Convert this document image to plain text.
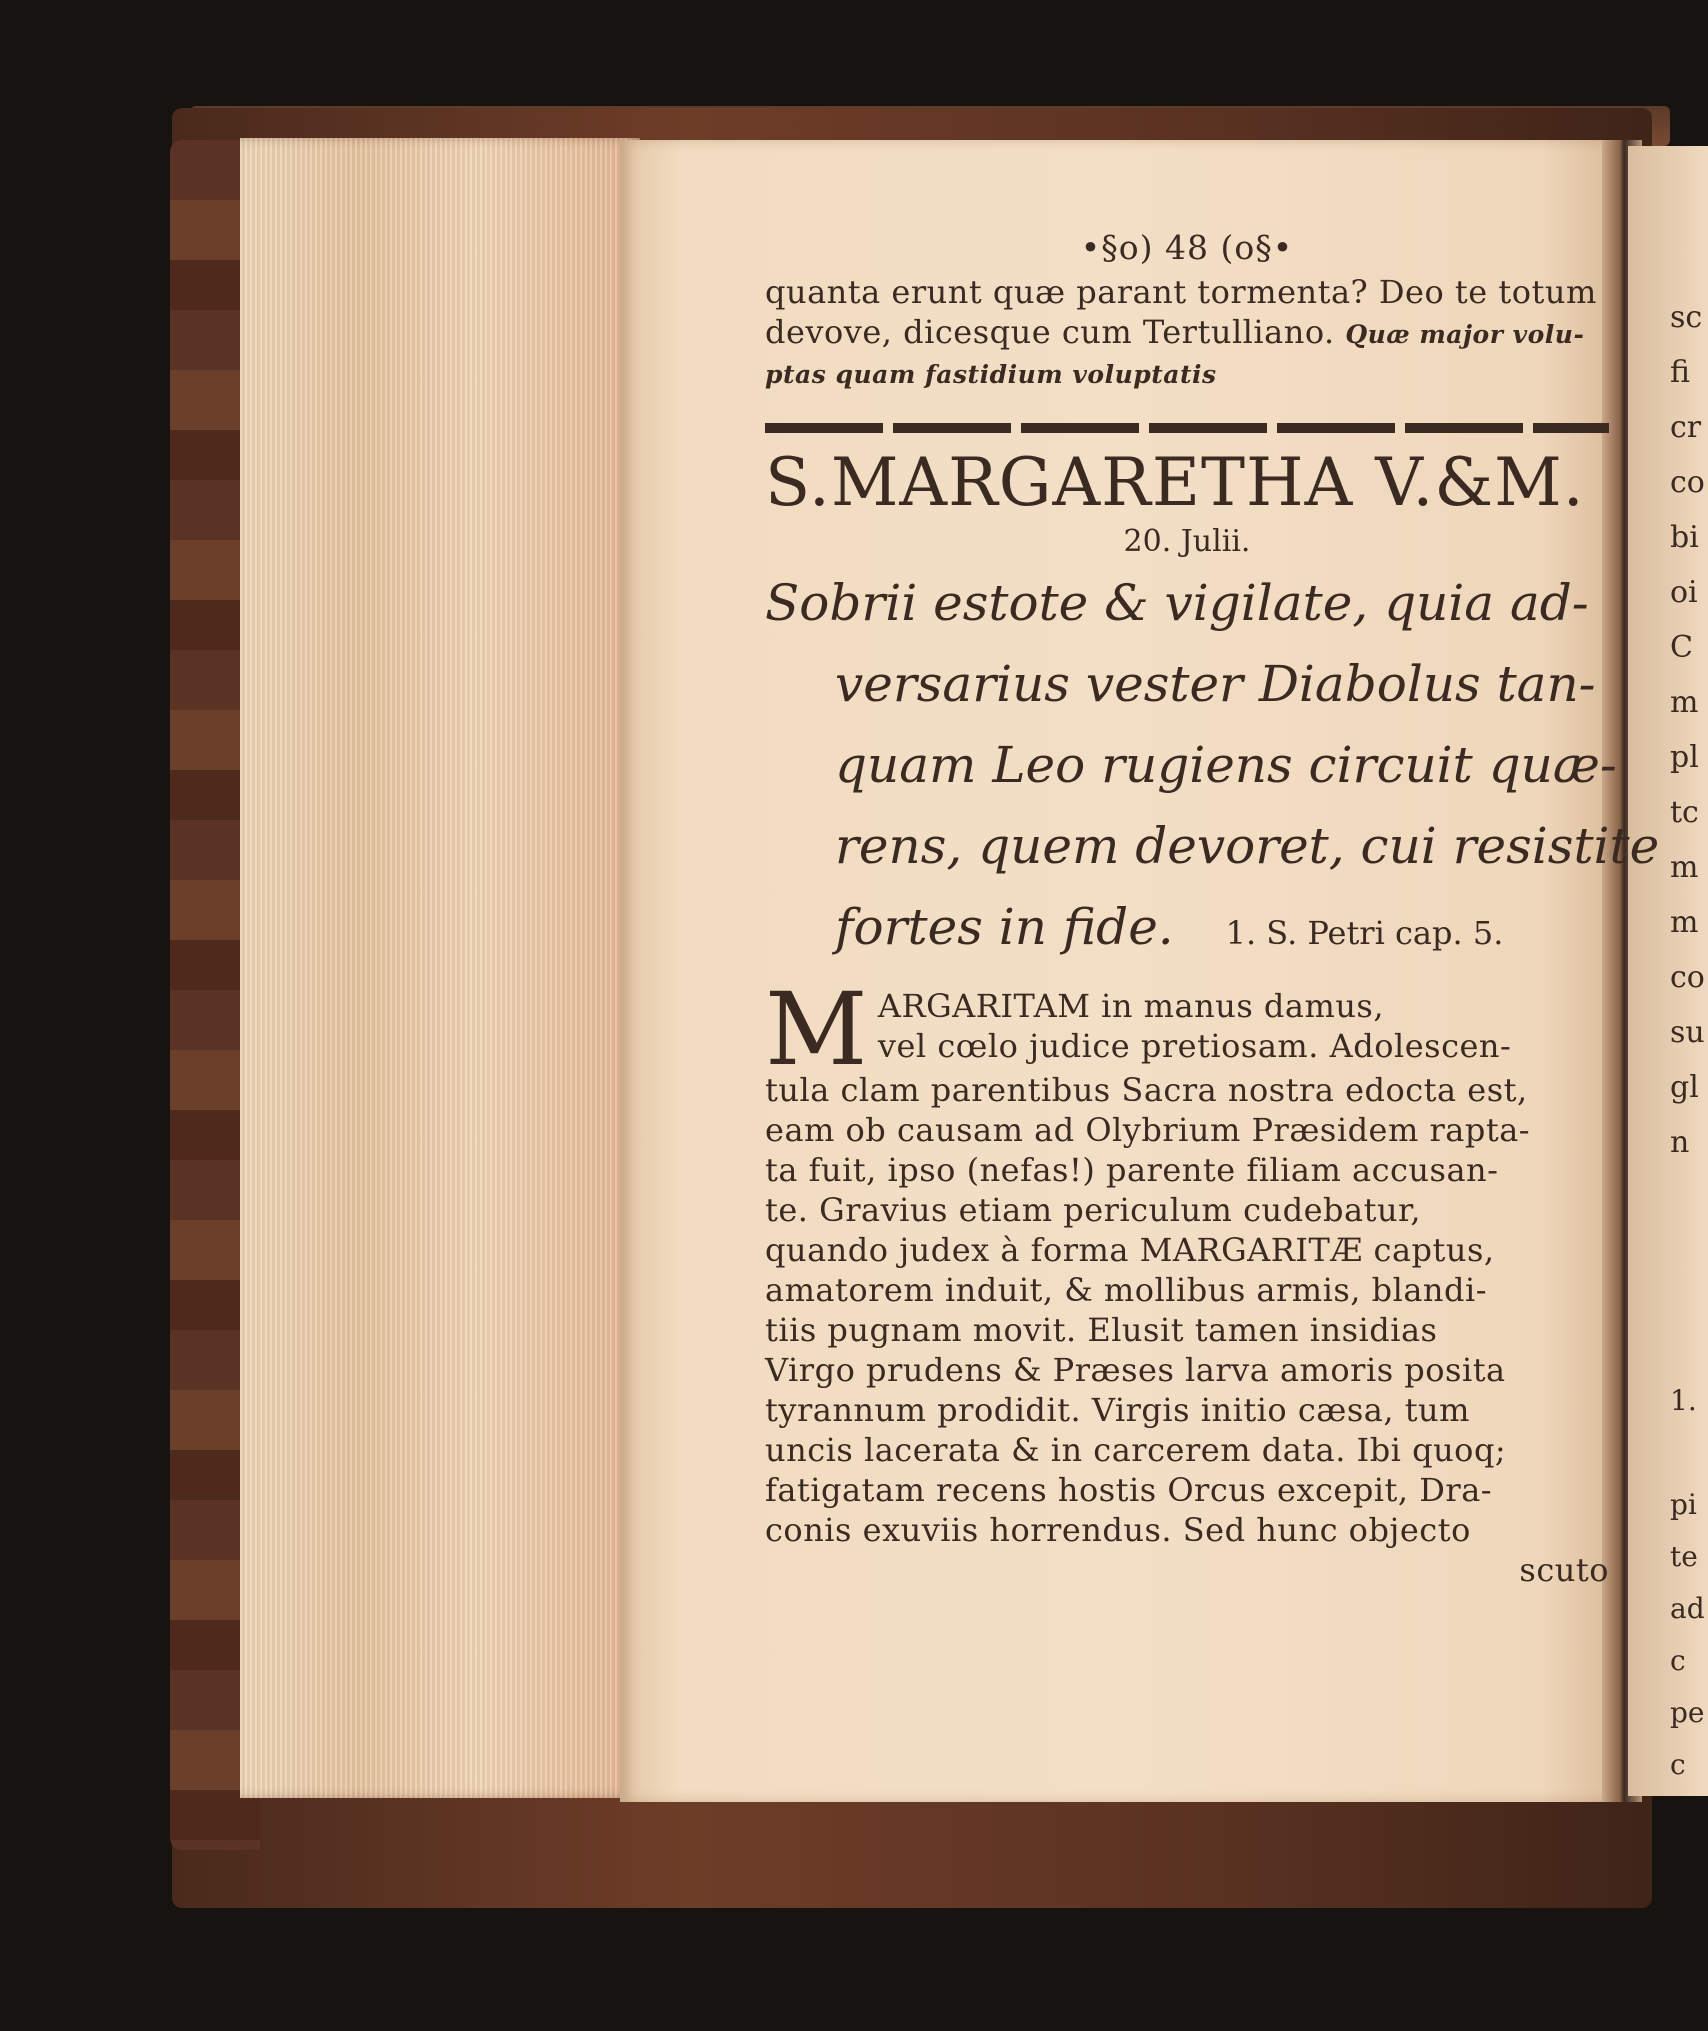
•§o) 48 (o§•
quanta erunt quæ parant tormenta? Deo te totum
devove, dicesque cum Tertulliano. Quæ major volu-
ptas quam fastidium voluptatis
S.MARGARETHA V.&M.
20. Julii.
Sobrii estote & vigilate, quia ad-
versarius vester Diabolus tan-
quam Leo rugiens circuit quæ-
rens, quem devoret, cui resistite
fortes in fide. 1. S. Petri cap. 5.
M ARGARITAM in manus damus,
vel cœlo judice pretiosam. Adolescen-
tula clam parentibus Sacra nostra edocta est,
eam ob causam ad Olybrium Præsidem rapta-
ta fuit, ipso (nefas!) parente filiam accusan-
te. Gravius etiam periculum cudebatur,
quando judex à forma MARGARITÆ captus,
amatorem induit, & mollibus armis, blandi-
tiis pugnam movit. Elusit tamen insidias
Virgo prudens & Præses larva amoris posita
tyrannum prodidit. Virgis initio cæsa, tum
uncis lacerata & in carcerem data. Ibi quoq;
fatigatam recens hostis Orcus excepit, Dra-
conis exuviis horrendus. Sed hunc objecto
scuto
sc
fi
cr
co
bi
oi
C
m
pl
tc
m
m
co
su
gl
n
1.

pi
te
ad
c
pe
c
